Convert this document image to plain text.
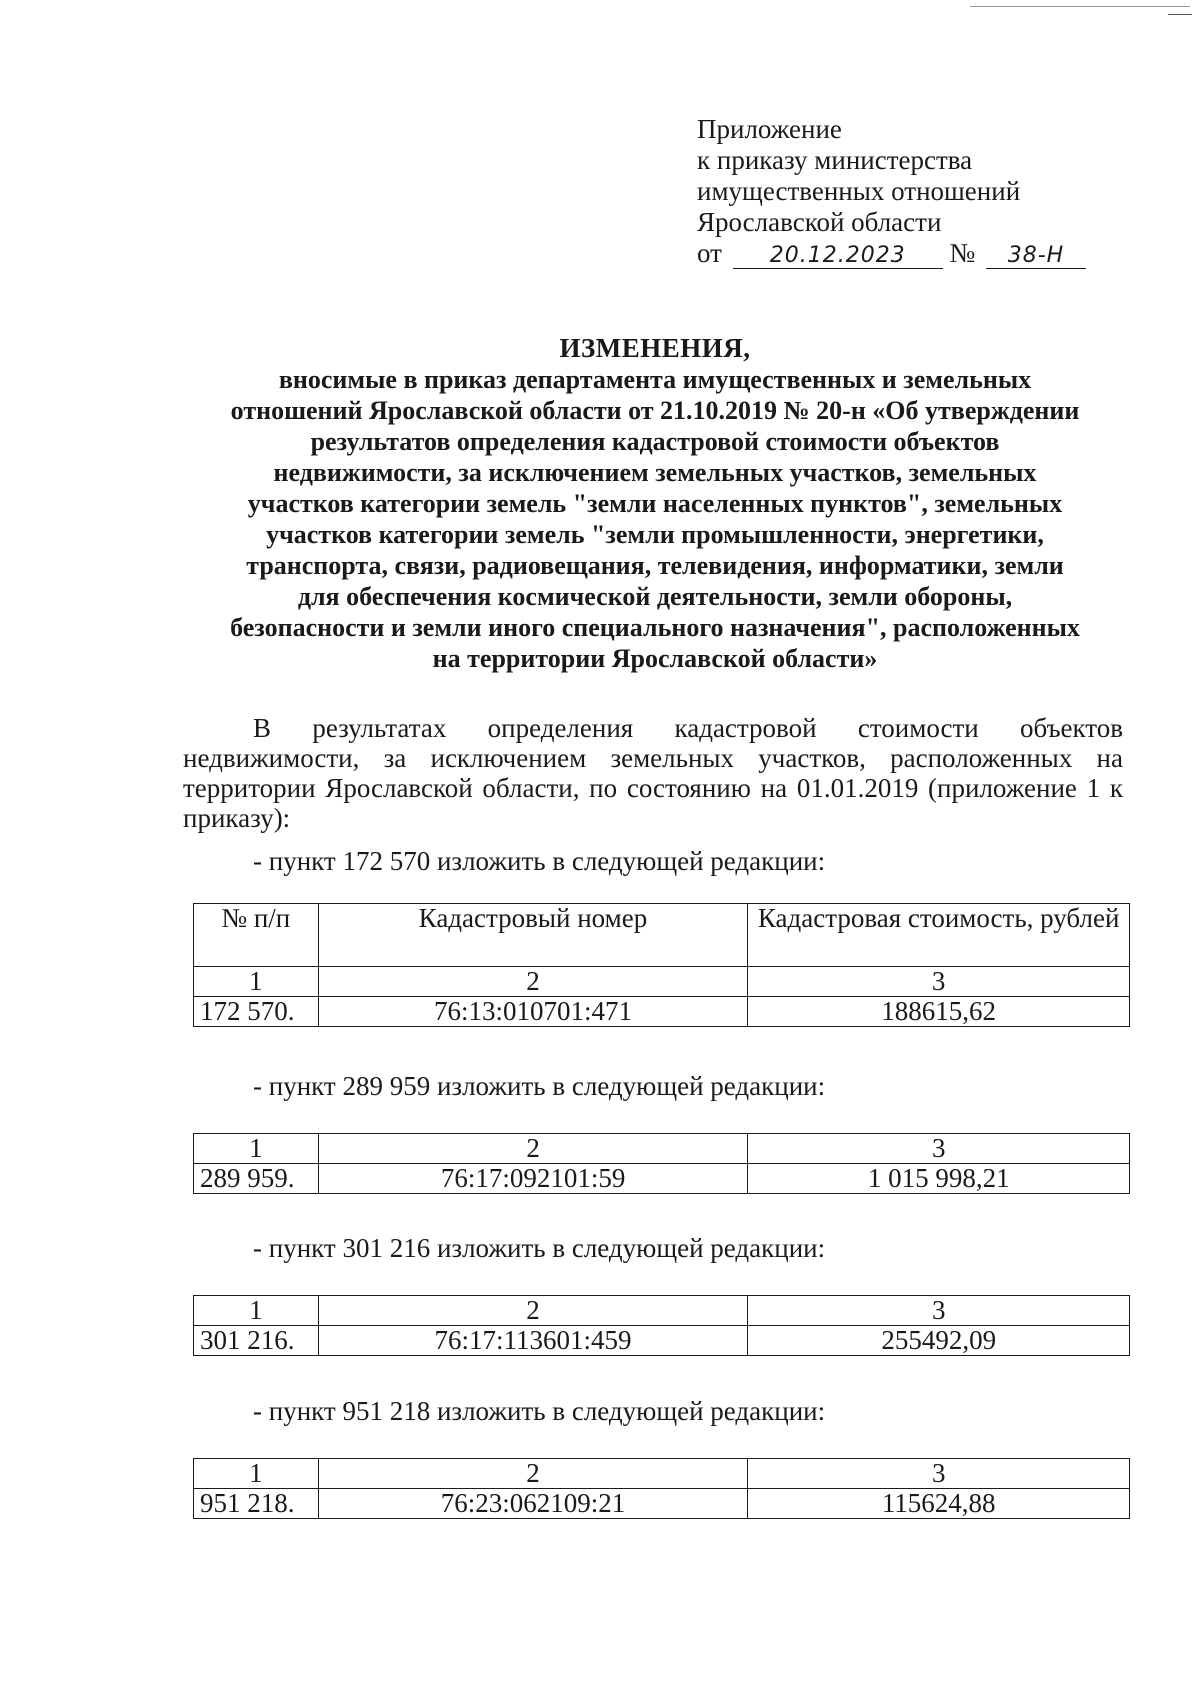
Приложение
к приказу министерства
имущественных отношений
Ярославской области
от 20.12.2023 № 38-Н
ИЗМЕНЕНИЯ,
вносимые в приказ департамента имущественных и земельных
отношений Ярославской области от 21.10.2019 № 20-н «Об утверждении
результатов определения кадастровой стоимости объектов
недвижимости, за исключением земельных участков, земельных
участков категории земель "земли населенных пунктов", земельных
участков категории земель "земли промышленности, энергетики,
транспорта, связи, радиовещания, телевидения, информатики, земли
для обеспечения космической деятельности, земли обороны,
безопасности и земли иного специального назначения", расположенных
на территории Ярославской области»
В результатах определения кадастровой стоимости объектов недвижимости, за исключением земельных участков, расположенных на территории Ярославской области, по состоянию на 01.01.2019 (приложение 1 к приказу):
- пункт 172 570 изложить в следующей редакции:
№ п/п	Кадастровый номер	Кадастровая стоимость, рублей
1	2	3
172 570.	76:13:010701:471	188615,62
- пункт 289 959 изложить в следующей редакции:
1	2	3
289 959.	76:17:092101:59	1 015 998,21
- пункт 301 216 изложить в следующей редакции:
1	2	3
301 216.	76:17:113601:459	255492,09
- пункт 951 218 изложить в следующей редакции:
1	2	3
951 218.	76:23:062109:21	115624,88
